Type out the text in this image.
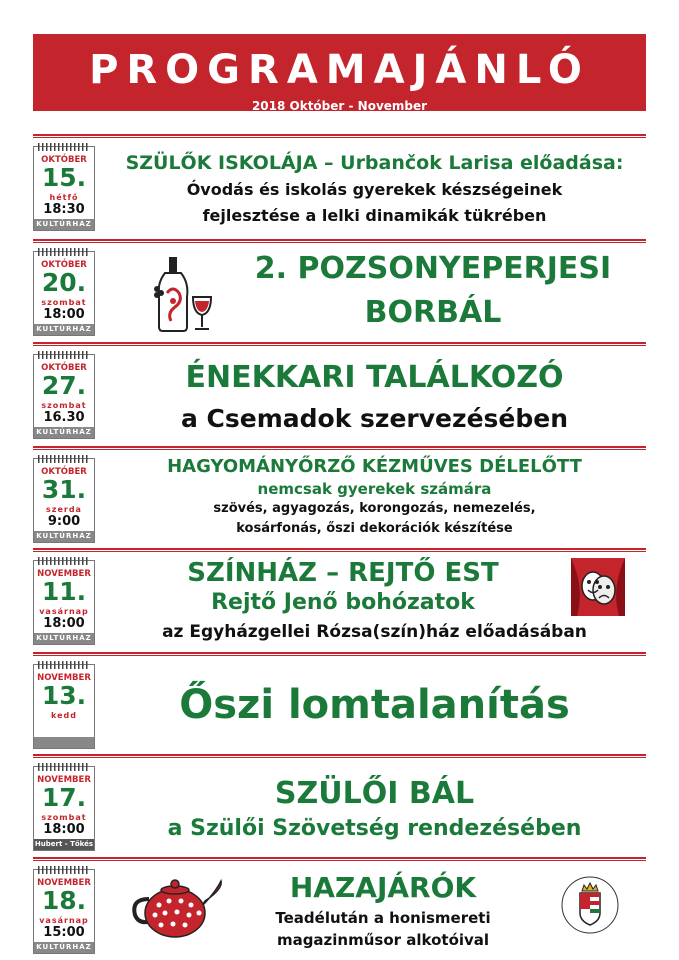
PROGRAMAJÁNLÓ
2018 Október - November
OKTÓBER
15.
hétfő
18:30
KULTÚRHÁZ
SZÜLŐK ISKOLÁJA – Urbančok Larisa előadása:
Óvodás és iskolás gyerekek készségeinek
fejlesztése a lelki dinamikák tükrében
OKTÓBER
20.
szombat
18:00
KULTÚRHÁZ
2. POZSONYEPERJESI
BORBÁL
OKTÓBER
27.
szombat
16.30
KULTÚRHÁZ
ÉNEKKARI TALÁLKOZÓ
a Csemadok szervezésében
OKTÓBER
31.
szerda
9:00
KULTÚRHÁZ
HAGYOMÁNYŐRZŐ KÉZMŰVES DÉLELŐTT
nemcsak gyerekek számára
szövés, agyagozás, korongozás, nemezelés,
kosárfonás, őszi dekorációk készítése
NOVEMBER
11.
vasárnap
18:00
KULTÚRHÁZ
SZÍNHÁZ – REJTŐ EST
Rejtő Jenő bohózatok
az Egyházgellei Rózsa(szín)ház előadásában
NOVEMBER
13.
kedd	Őszi lomtalanítás
NOVEMBER
17.
szombat
18:00
Hubert - Tőkés
SZÜLŐI BÁL
a Szülői Szövetség rendezésében
NOVEMBER
18.
vasárnap
15:00
KULTÚRHÁZ
HAZAJÁRÓK
Teadélután a honismereti
magazinműsor alkotóival
